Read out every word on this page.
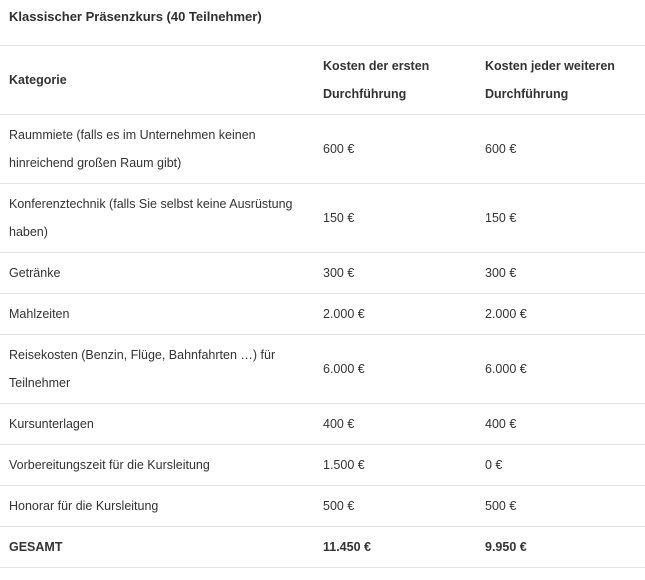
Klassischer Präsenzkurs (40 Teilnehmer)
Kategorie	Kosten der ersten Durchführung	Kosten jeder weiteren Durchführung
Raummiete (falls es im Unternehmen keinen hinreichend großen Raum gibt)	600 €	600 €
Konferenztechnik (falls Sie selbst keine Ausrüstung haben)	150 €	150 €
Getränke	300 €	300 €
Mahlzeiten	2.000 €	2.000 €
Reisekosten (Benzin, Flüge, Bahnfahrten …) für Teilnehmer	6.000 €	6.000 €
Kursunterlagen	400 €	400 €
Vorbereitungszeit für die Kursleitung	1.500 €	0 €
Honorar für die Kursleitung	500 €	500 €
GESAMT	11.450 €	9.950 €
